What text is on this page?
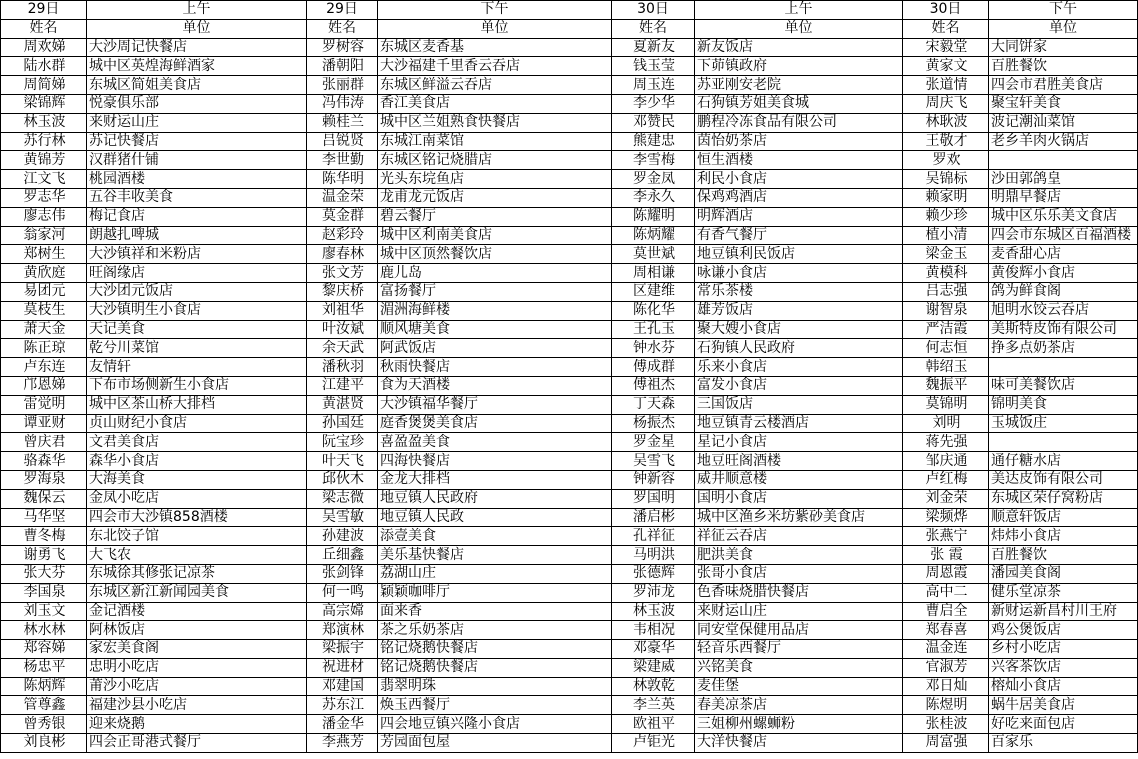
29日	上午	29日	下午	30日	上午	30日	下午
姓名	单位	姓名	单位	姓名	单位	姓名	单位
周欢娣	大沙周记快餐店	罗树容	东城区麦香基	夏新友	新友饭店	宋毅堂	大同饼家
陆水群	城中区英煌海鲜酒家	潘朝阳	大沙福建千里香云吞店	钱玉莹	下茆镇政府	黄家文	百胜餐饮
周简娣	东城区简姐美食店	张丽群	东城区鲜溢云吞店	周玉连	苏亚刚安老院	张道情	四会市君胜美食店
梁锦辉	悦豪俱乐部	冯伟涛	香江美食店	李少华	石狗镇芳姐美食城	周庆飞	聚宝轩美食
林玉波	来财运山庄	赖桂兰	城中区兰姐熟食快餐店	邓赞民	鹏程冷冻食品有限公司	林耿波	波记潮汕菜馆
苏行林	苏记快餐店	吕锐贤	东城江南菜馆	熊建忠	茵怡奶茶店	王敬才	老乡羊肉火锅店
黄锦芳	汉群猪什铺	李世勤	东城区铭记烧腊店	李雪梅	恒生酒楼	罗欢	
江文飞	桃园酒楼	陈华明	光头东垸鱼店	罗金凤	利民小食店	吴锦标	沙田郭鸽皇
罗志华	五谷丰收美食	温金荣	龙甫龙元饭店	李永久	保鸡鸡酒店	赖家明	明鼎早餐店
廖志伟	梅记食店	莫金群	碧云餐厅	陈耀明	明辉酒店	赖少珍	城中区乐乐美文食店
翁家河	朗越扎啤城	赵彩玲	城中区利南美食店	陈炳耀	有香气餐厅	植小清	四会市东城区百福酒楼
郑树生	大沙镇祥和米粉店	廖春林	城中区顶然餐饮店	莫世斌	地豆镇利民饭店	梁金玉	麦香甜心店
黄欣庭	旺阁缘店	张文芳	鹿儿岛	周相谦	咏谦小食店	黄模科	黄俊辉小食店
易团元	大沙团元饭店	黎庆桥	富扬餐厅	区建维	常乐茶楼	吕志强	鸽为鲜食阁
莫枝生	大沙镇明生小食店	刘祖华	湄洲海鲜楼	陈化华	雄芳饭店	谢智泉	旭明水饺云吞店
萧天金	天记美食	叶汝斌	顺风塘美食	王孔玉	聚大嫂小食店	严洁霞	美斯特皮饰有限公司
陈正琼	乾兮川菜馆	余天武	阿武饭店	钟水芬	石狗镇人民政府	何志恒	挣多点奶茶店
卢东连	友情轩	潘秋羽	秋雨快餐店	傅成群	乐来小食店	韩绍玉	
邝恩娣	下布市场侧新生小食店	江建平	食为天酒楼	傅祖杰	富发小食店	魏振平	味可美餐饮店
雷觉明	城中区茶山桥大排档	黄湛贤	大沙镇福华餐厅	丁天森	三国饭店	莫锦明	锦明美食
谭亚财	贞山财纪小食店	孙国廷	庭香煲煲美食店	杨振杰	地豆镇青云楼酒店	刘明	玉城饭庄
曾庆君	文君美食店	阮宝珍	喜盈盈美食	罗金星	星记小食店	蒋先强	
骆森华	森华小食店	叶天飞	四海快餐店	吴雪飞	地豆旺阁酒楼	邹庆通	通仔糖水店
罗海泉	大海美食	邱伙木	金龙大排档	钟新容	威井顺意楼	卢红梅	美达皮饰有限公司
魏保云	金凤小吃店	梁志微	地豆镇人民政府	罗国明	国明小食店	刘金荣	东城区荣仔窝粉店
马华坚	四会市大沙镇858酒楼	吴雪敏	地豆镇人民政	潘启彬	城中区渔乡米坊紫砂美食店	梁频烨	顺意轩饭店
曹冬梅	东北饺子馆	孙建波	添壹美食	孔祥征	祥征云吞店	张燕宁	炜炜小食店
谢勇飞	大飞农	丘细鑫	美乐基快餐店	马明洪	肥洪美食	张 霞	百胜餐饮
张大芬	东城徐其修张记凉茶	张剑锋	荔湖山庄	张德辉	张哥小食店	周恩霞	潘园美食阁
李国泉	东城区新江新闻园美食	何一鸣	颖颖咖啡厅	罗沛龙	色香味烧腊快餐店	高中二	健乐堂凉茶
刘玉文	金记酒楼	高宗嫦	面来香	林玉波	来财运山庄	曹启全	新财运新昌村川王府
林水林	阿林饭店	郑演林	茶之乐奶茶店	韦相况	同安堂保健用品店	郑春喜	鸡公煲饭店
郑容娣	家宏美食阁	梁振宇	铭记烧鹅快餐店	邓豪华	轻音乐西餐厅	温金连	乡村小吃店
杨忠平	忠明小吃店	祝进材	铭记烧鹅快餐店	梁建威	兴铭美食	官淑芳	兴客茶饮店
陈炳辉	莆沙小吃店	邓建国	翡翠明珠	林敦乾	麦佳堡	邓日灿	榕灿小食店
管尊鑫	福建沙县小吃店	苏东江	焕玉西餐厅	李兰英	春美凉茶店	陈煜明	蜗牛居美食店
曾秀银	迎来烧鹅	潘金华	四会地豆镇兴隆小食店	欧祖平	三姐柳州螺蛳粉	张桂波	好吃来面包店
刘良彬	四会正哥港式餐厅	李燕芳	芳园面包屋	卢钜光	大洋快餐店	周富强	百家乐
